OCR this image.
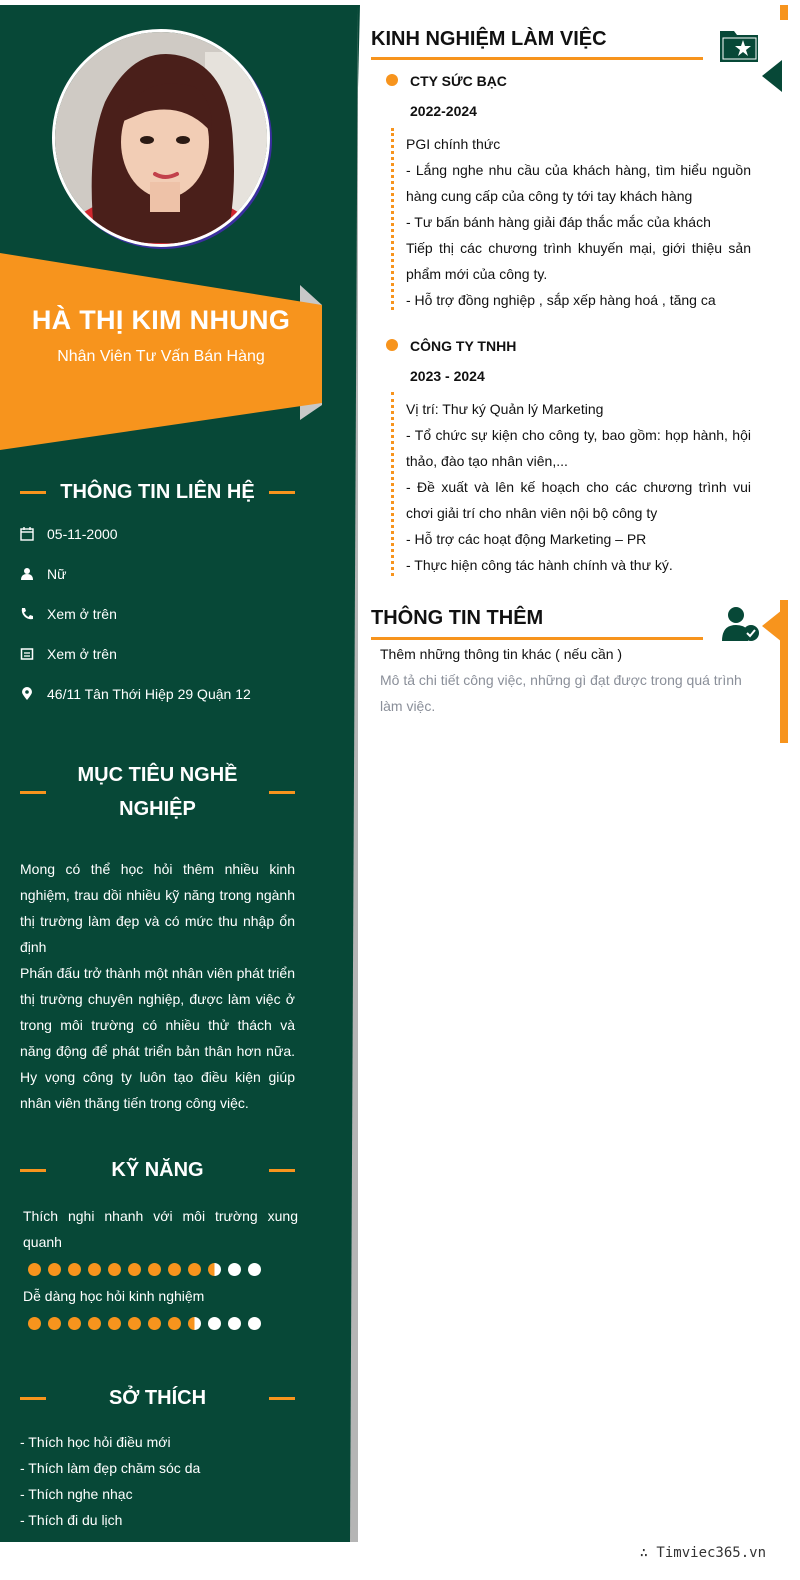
HÀ THỊ KIM NHUNG
Nhân Viên Tư Vấn Bán Hàng
THÔNG TIN LIÊN HỆ
05-11-2000
Nữ
Xem ở trên
Xem ở trên
46/11 Tân Thới Hiệp 29 Quận 12
MỤC TIÊU NGHỀ
NGHIỆP
Mong có thể học hỏi thêm nhiều kinh nghiệm, trau dồi nhiều kỹ năng trong ngành thị trường làm đẹp và có mức thu nhập ổn định
Phấn đấu trở thành một nhân viên phát triển thị trường chuyên nghiệp, được làm việc ở trong môi trường có nhiều thử thách và năng động để phát triển bản thân hơn nữa. Hy vọng công ty luôn tạo điều kiện giúp nhân viên thăng tiến trong công việc.
KỸ NĂNG
Thích nghi nhanh với môi trường xung quanh
Dễ dàng học hỏi kinh nghiệm
SỞ THÍCH
- Thích học hỏi điều mới
- Thích làm đẹp chăm sóc da
- Thích nghe nhạc
- Thích đi du lịch
KINH NGHIỆM LÀM VIỆC
CTY SỨC BẠC
2022-2024
PGI chính thức
- Lắng nghe nhu cầu của khách hàng, tìm hiểu nguồn hàng cung cấp của công ty tới tay khách hàng
- Tư bấn bánh hàng giải đáp thắc mắc của khách
Tiếp thị các chương trình khuyến mại, giới thiệu sản phẩm mới của công ty.
- Hỗ trợ đồng nghiệp , sắp xếp hàng hoá , tăng ca
CÔNG TY TNHH
2023 - 2024
Vị trí: Thư ký Quản lý Marketing
- Tổ chức sự kiện cho công ty, bao gồm: họp hành, hội thảo, đào tạo nhân viên,...
- Đề xuất và lên kế hoạch cho các chương trình vui chơi giải trí cho nhân viên nội bộ công ty
- Hỗ trợ các hoạt động Marketing – PR
- Thực hiện công tác hành chính và thư ký.
THÔNG TIN THÊM
Thêm những thông tin khác ( nếu cần )
Mô tả chi tiết công việc, những gì đạt được trong quá trình làm việc.
∴ Timviec365.vn
